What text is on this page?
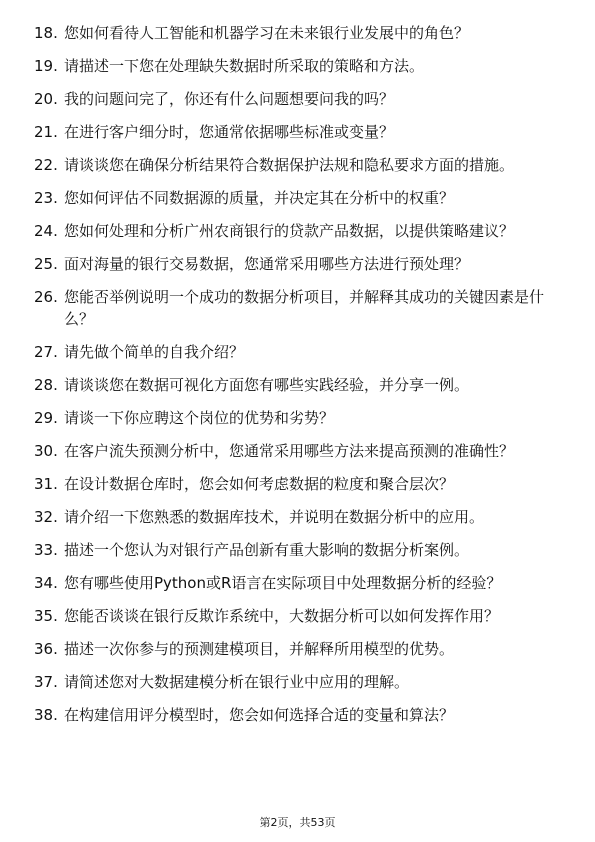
18. 您如何看待人工智能和机器学习在未来银行业发展中的角色？
19. 请描述一下您在处理缺失数据时所采取的策略和方法。
20. 我的问题问完了，你还有什么问题想要问我的吗？
21. 在进行客户细分时，您通常依据哪些标准或变量？
22. 请谈谈您在确保分析结果符合数据保护法规和隐私要求方面的措施。
23. 您如何评估不同数据源的质量，并决定其在分析中的权重？
24. 您如何处理和分析广州农商银行的贷款产品数据，以提供策略建议？
25. 面对海量的银行交易数据，您通常采用哪些方法进行预处理？
26. 您能否举例说明一个成功的数据分析项目，并解释其成功的关键因素是什么？
27. 请先做个简单的自我介绍？
28. 请谈谈您在数据可视化方面您有哪些实践经验，并分享一例。
29. 请谈一下你应聘这个岗位的优势和劣势？
30. 在客户流失预测分析中，您通常采用哪些方法来提高预测的准确性？
31. 在设计数据仓库时，您会如何考虑数据的粒度和聚合层次？
32. 请介绍一下您熟悉的数据库技术，并说明在数据分析中的应用。
33. 描述一个您认为对银行产品创新有重大影响的数据分析案例。
34. 您有哪些使用Python或R语言在实际项目中处理数据分析的经验？
35. 您能否谈谈在银行反欺诈系统中，大数据分析可以如何发挥作用？
36. 描述一次你参与的预测建模项目，并解释所用模型的优势。
37. 请简述您对大数据建模分析在银行业中应用的理解。
38. 在构建信用评分模型时，您会如何选择合适的变量和算法？
第2页，共53页
